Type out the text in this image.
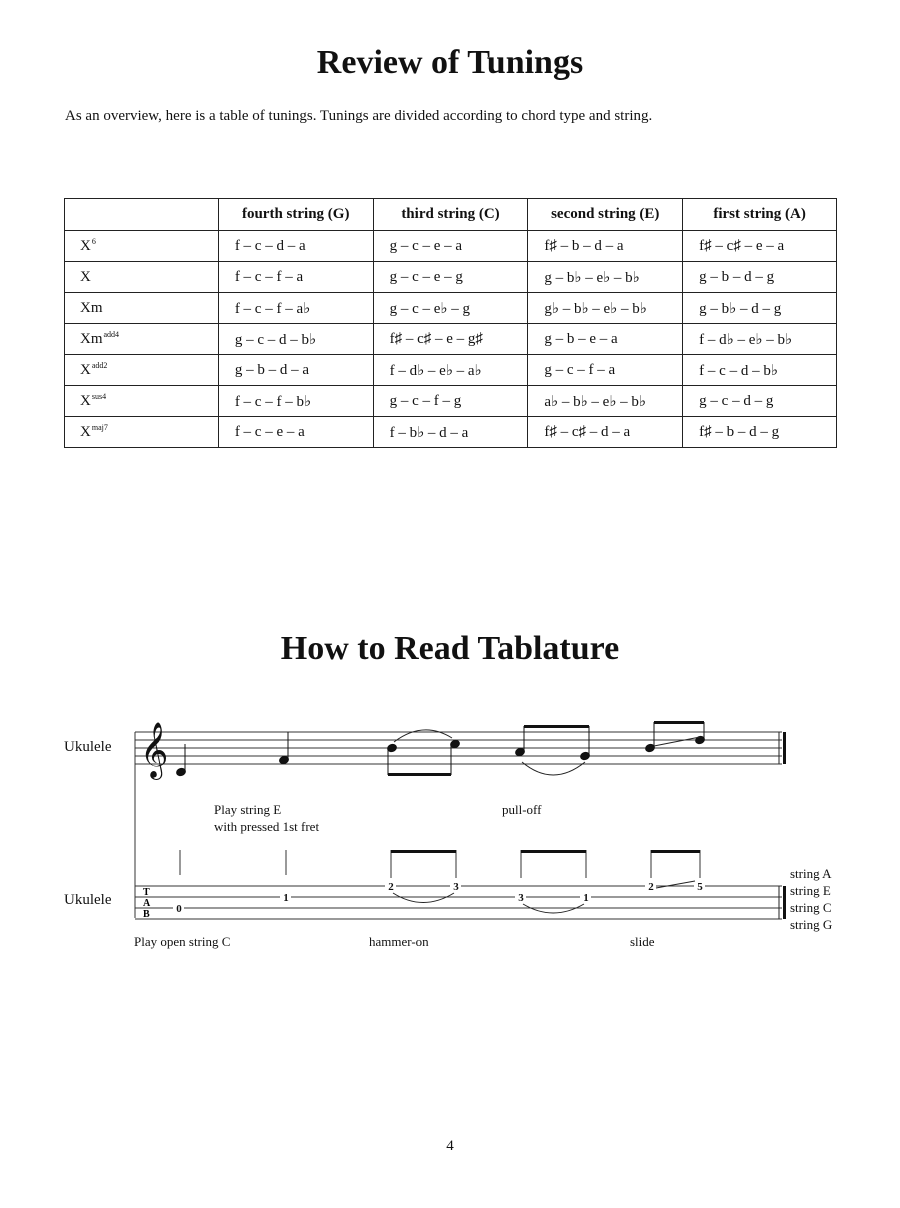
Review of Tunings
As an overview, here is a table of tunings. Tunings are divided according to chord type and string.
	fourth string (G)	third string (C)	second string (E)	first string (A)
$X^6$	f – c – d – a	g – c – e – a	f♯ – b – d – a	f♯ – c♯ – e – a
X	f – c – f – a	g – c – e – g	g – b♭ – e♭ – b♭	g – b – d – g
Xm	f – c – f – a♭	g – c – e♭ – g	g♭ – b♭ – e♭ – b♭	g – b♭ – d – g
$Xm^{add4}$	g – c – d – b♭	f♯ – c♯ – e – g♯	g – b – e – a	f – d♭ – e♭ – b♭
$X^{add2}$	g – b – d – a	f – d♭ – e♭ – a♭	g – c – f – a	f – c – d – b♭
$X^{sus4}$	f – c – f – b♭	g – c – f – g	a♭ – b♭ – e♭ – b♭	g – c – d – g
$X^{maj7}$	f – c – e – a	f – b♭ – d – a	f♯ – c♯ – d – a	f♯ – b – d – g
How to Read Tablature
Ukulele
Ukulele
Play string E
with pressed 1st fret
pull-off
Play open string C	hammer-on	slide
string A
string E
string C
string G
𝄞
T
A
B 0
1
2	3
3	1
2	5
4
